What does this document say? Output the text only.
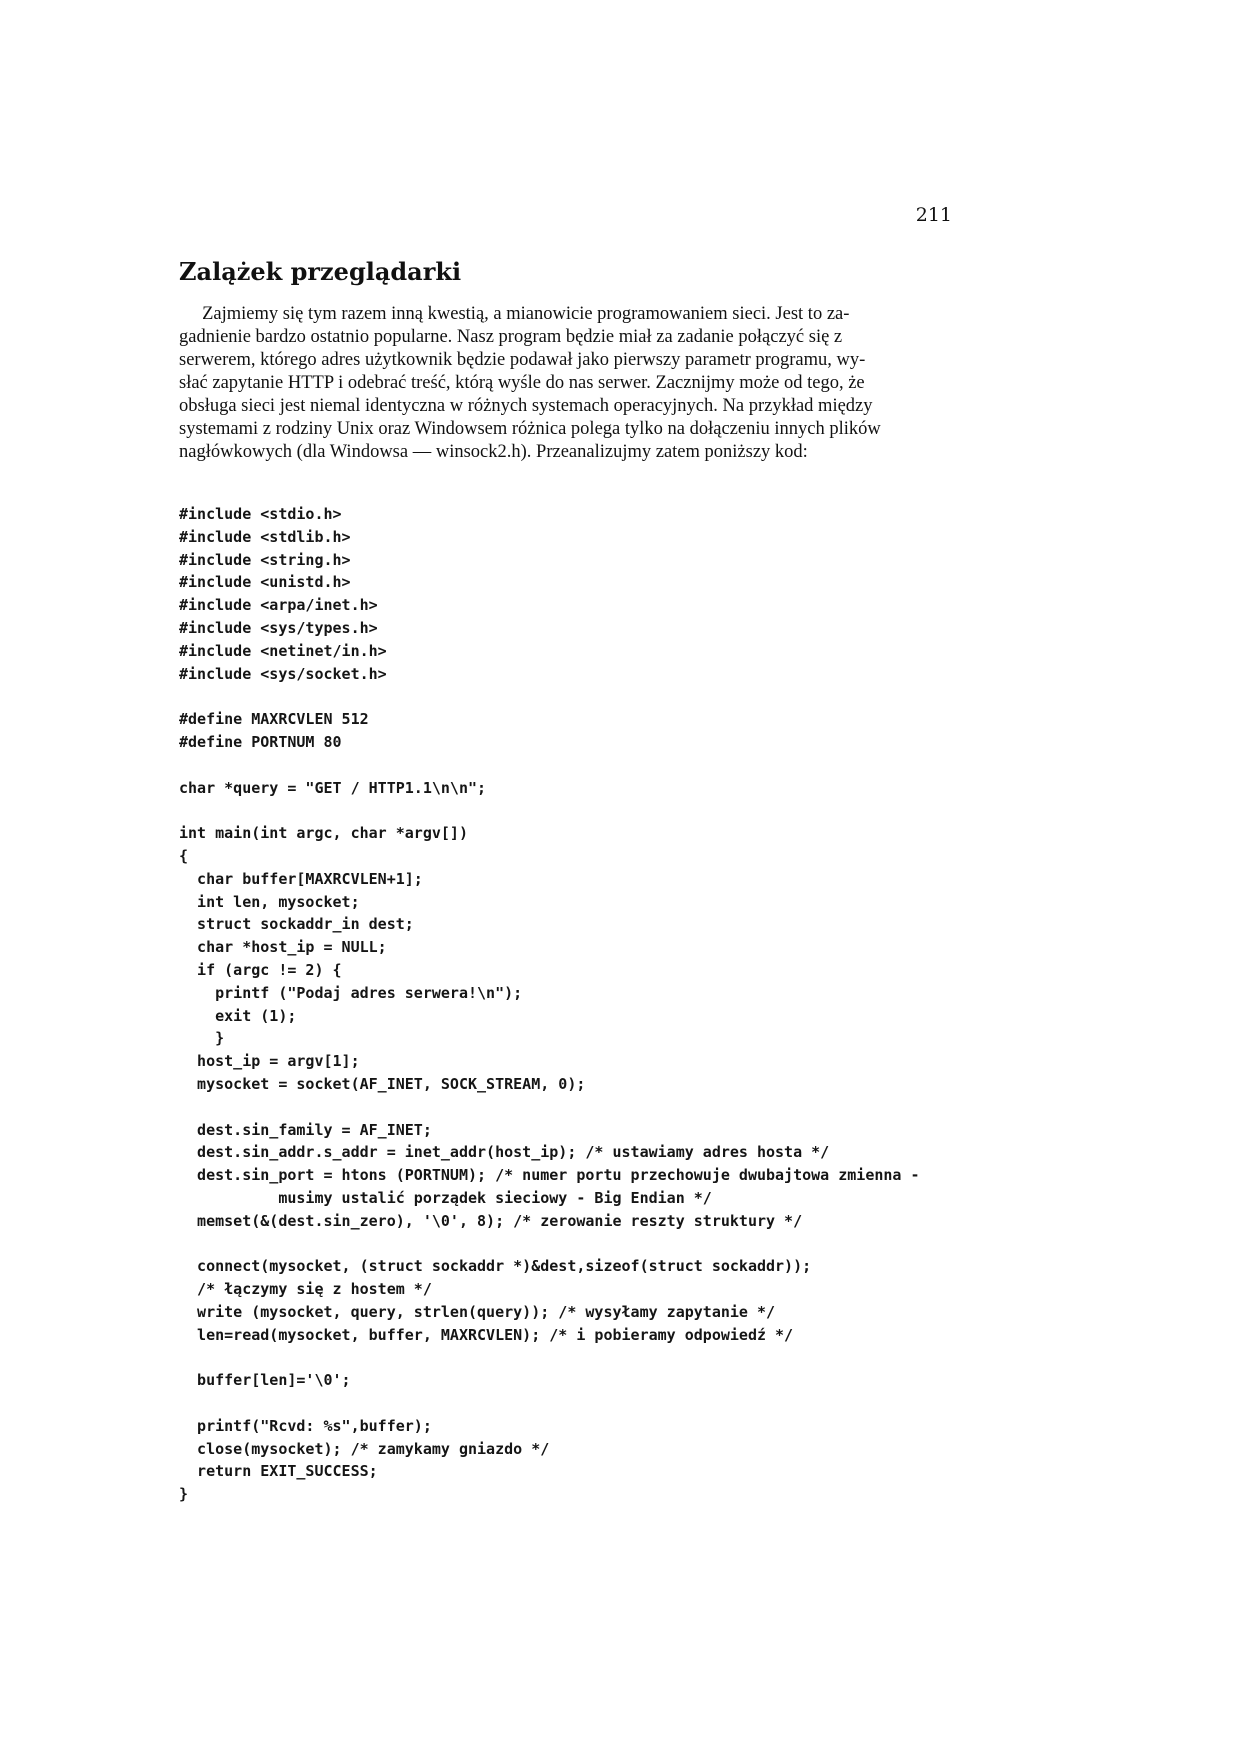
211
Zalążek przeglądarki
Zajmiemy się tym razem inną kwestią, a mianowicie programowaniem sieci. Jest to za-
gadnienie bardzo ostatnio popularne. Nasz program będzie miał za zadanie połączyć się z
serwerem, którego adres użytkownik będzie podawał jako pierwszy parametr programu, wy-
słać zapytanie HTTP i odebrać treść, którą wyśle do nas serwer. Zacznijmy może od tego, że
obsługa sieci jest niemal identyczna w różnych systemach operacyjnych. Na przykład między
systemami z rodziny Unix oraz Windowsem różnica polega tylko na dołączeniu innych plików
nagłówkowych (dla Windowsa — winsock2.h). Przeanalizujmy zatem poniższy kod:
#include <stdio.h>
#include <stdlib.h>
#include <string.h>
#include <unistd.h>
#include <arpa/inet.h>
#include <sys/types.h>
#include <netinet/in.h>
#include <sys/socket.h>
#define MAXRCVLEN 512
#define PORTNUM 80
char *query = "GET / HTTP1.1\n\n";
int main(int argc, char *argv[])
{
char buffer[MAXRCVLEN+1];
int len, mysocket;
struct sockaddr_in dest;
char *host_ip = NULL;
if (argc != 2) {
printf ("Podaj adres serwera!\n");
exit (1);
}
host_ip = argv[1];
mysocket = socket(AF_INET, SOCK_STREAM, 0);
dest.sin_family = AF_INET;
dest.sin_addr.s_addr = inet_addr(host_ip); /* ustawiamy adres hosta */
dest.sin_port = htons (PORTNUM); /* numer portu przechowuje dwubajtowa zmienna -
musimy ustalić porządek sieciowy - Big Endian */
memset(&(dest.sin_zero), '\0', 8); /* zerowanie reszty struktury */
connect(mysocket, (struct sockaddr *)&dest,sizeof(struct sockaddr));
/* łączymy się z hostem */
write (mysocket, query, strlen(query)); /* wysyłamy zapytanie */
len=read(mysocket, buffer, MAXRCVLEN); /* i pobieramy odpowiedź */
buffer[len]='\0';
printf("Rcvd: %s",buffer);
close(mysocket); /* zamykamy gniazdo */
return EXIT_SUCCESS;
}
